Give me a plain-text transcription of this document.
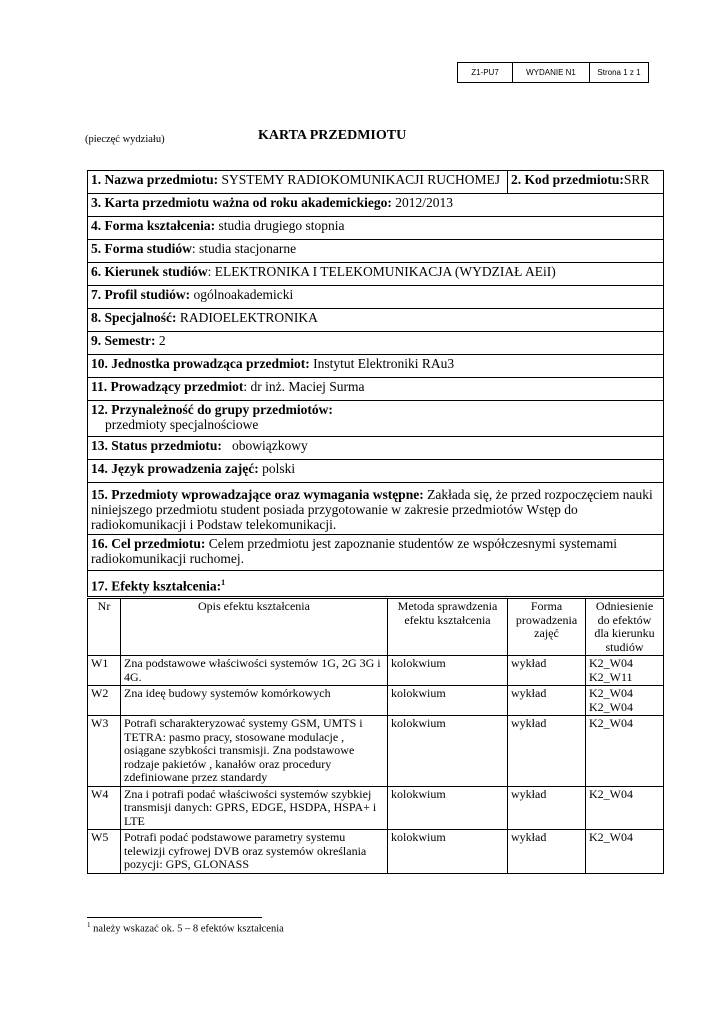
Z1-PU7	WYDANIE N1	Strona 1 z 1
(pieczęć wydziału)	KARTA PRZEDMIOTU
1. Nazwa przedmiotu: SYSTEMY RADIOKOMUNIKACJI RUCHOMEJ	2. Kod przedmiotu:SRR
3. Karta przedmiotu ważna od roku akademickiego: 2012/2013
4. Forma kształcenia: studia drugiego stopnia
5. Forma studiów: studia stacjonarne
6. Kierunek studiów: ELEKTRONIKA I TELEKOMUNIKACJA (WYDZIAŁ AEiI)
7. Profil studiów: ogólnoakademicki
8. Specjalność: RADIOELEKTRONIKA
9. Semestr: 2
10. Jednostka prowadząca przedmiot: Instytut Elektroniki RAu3
11. Prowadzący przedmiot: dr inż. Maciej Surma
12. Przynależność do grupy przedmiotów:
przedmioty specjalnościowe
13. Status przedmiotu: obowiązkowy
14. Język prowadzenia zajęć: polski
15. Przedmioty wprowadzające oraz wymagania wstępne: Zakłada się, że przed rozpoczęciem nauki niniejszego przedmiotu student posiada przygotowanie w zakresie przedmiotów Wstęp do radiokomunikacji i Podstaw telekomunikacji.
16. Cel przedmiotu: Celem przedmiotu jest zapoznanie studentów ze współczesnymi systemami radiokomunikacji ruchomej.
17. Efekty kształcenia:$^1$
Nr	Opis efektu kształcenia	Metoda sprawdzenia efektu kształcenia	Forma prowadzenia zajęć	Odniesienie do efektów dla kierunku studiów
W1	Zna podstawowe właściwości systemów 1G, 2G 3G i 4G.	kolokwium	wykład	K2_W04
K2_W11
W2	Zna ideę budowy systemów komórkowych	kolokwium	wykład	K2_W04
K2_W04
W3	Potrafi scharakteryzować systemy GSM, UMTS i TETRA: pasmo pracy, stosowane modulacje , osiągane szybkości transmisji. Zna podstawowe rodzaje pakietów , kanałów oraz procedury zdefiniowane przez standardy	kolokwium	wykład	K2_W04
W4	Zna i potrafi podać właściwości systemów szybkiej transmisji danych: GPRS, EDGE, HSDPA, HSPA+ i LTE	kolokwium	wykład	K2_W04
W5	Potrafi podać podstawowe parametry systemu telewizji cyfrowej DVB oraz systemów określania pozycji: GPS, GLONASS	kolokwium	wykład	K2_W04
$^1$ należy wskazać ok. 5 – 8 efektów kształcenia
